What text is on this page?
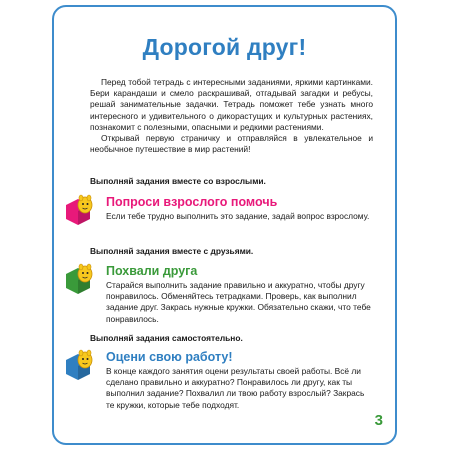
Дорогой друг!

Перед тобой тетрадь с интересными заданиями, яркими картинками. Бери карандаши и смело раскрашивай, отгадывай загадки и ребусы, решай занимательные задачки. Тетрадь поможет тебе узнать много интересного и удивительного о дикорастущих и культурных растениях, познакомит с полезными, опасными и редкими растениями.

Открывай первую страничку и отправляйся в увлекательное и необычное путешествие в мир растений!

Выполняй задания вместе со взрослыми.
Попроси взрослого помочь
Если тебе трудно выполнить это задание, задай вопрос взрослому.
Выполняй задания вместе с друзьями.
Похвали друга
Старайся выполнить задание правильно и аккуратно, чтобы другу понравилось. Обменяйтесь тетрадками. Проверь, как выполнил задание друг. Закрась нужные кружки. Обязательно скажи, что тебе понравилось.
Выполняй задания самостоятельно.
Оцени свою работу!
В конце каждого занятия оцени результаты своей работы. Всё ли сделано правильно и аккуратно? Понравилось ли другу, как ты выполнил задание? Похвалил ли твою работу взрослый? Закрась те кружки, которые тебе подходят.
3
